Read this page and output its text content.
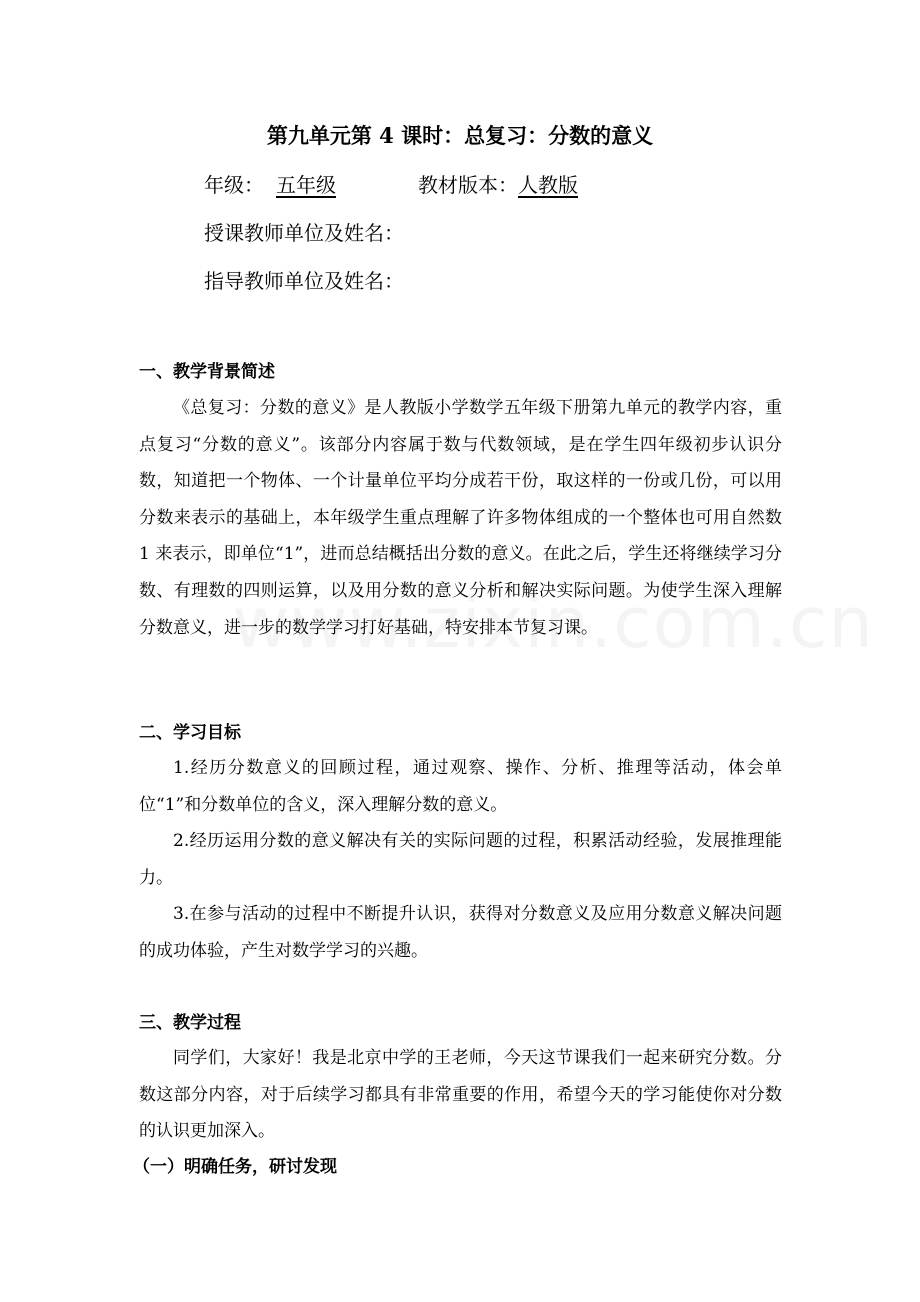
第九单元第 4 课时：总复习：分数的意义
年级： 五年级	教材版本：人教版
授课教师单位及姓名：
指导教师单位及姓名：
一、教学背景简述
《总复习：分数的意义》是人教版小学数学五年级下册第九单元的教学内容，重点复习“分数的意义”。该部分内容属于数与代数领域，是在学生四年级初步认识分数，知道把一个物体、一个计量单位平均分成若干份，取这样的一份或几份，可以用分数来表示的基础上，本年级学生重点理解了许多物体组成的一个整体也可用自然数 1 来表示，即单位“1”，进而总结概括出分数的意义。在此之后，学生还将继续学习分数、有理数的四则运算，以及用分数的意义分析和解决实际问题。为使学生深入理解分数意义，进一步的数学学习打好基础，特安排本节复习课。
二、学习目标
1.经历分数意义的回顾过程，通过观察、操作、分析、推理等活动，体会单位“1”和分数单位的含义，深入理解分数的意义。
2.经历运用分数的意义解决有关的实际问题的过程，积累活动经验，发展推理能力。
3.在参与活动的过程中不断提升认识，获得对分数意义及应用分数意义解决问题的成功体验，产生对数学学习的兴趣。
三、教学过程
同学们，大家好！我是北京中学的王老师，今天这节课我们一起来研究分数。分数这部分内容，对于后续学习都具有非常重要的作用，希望今天的学习能使你对分数的认识更加深入。
（一）明确任务，研讨发现
